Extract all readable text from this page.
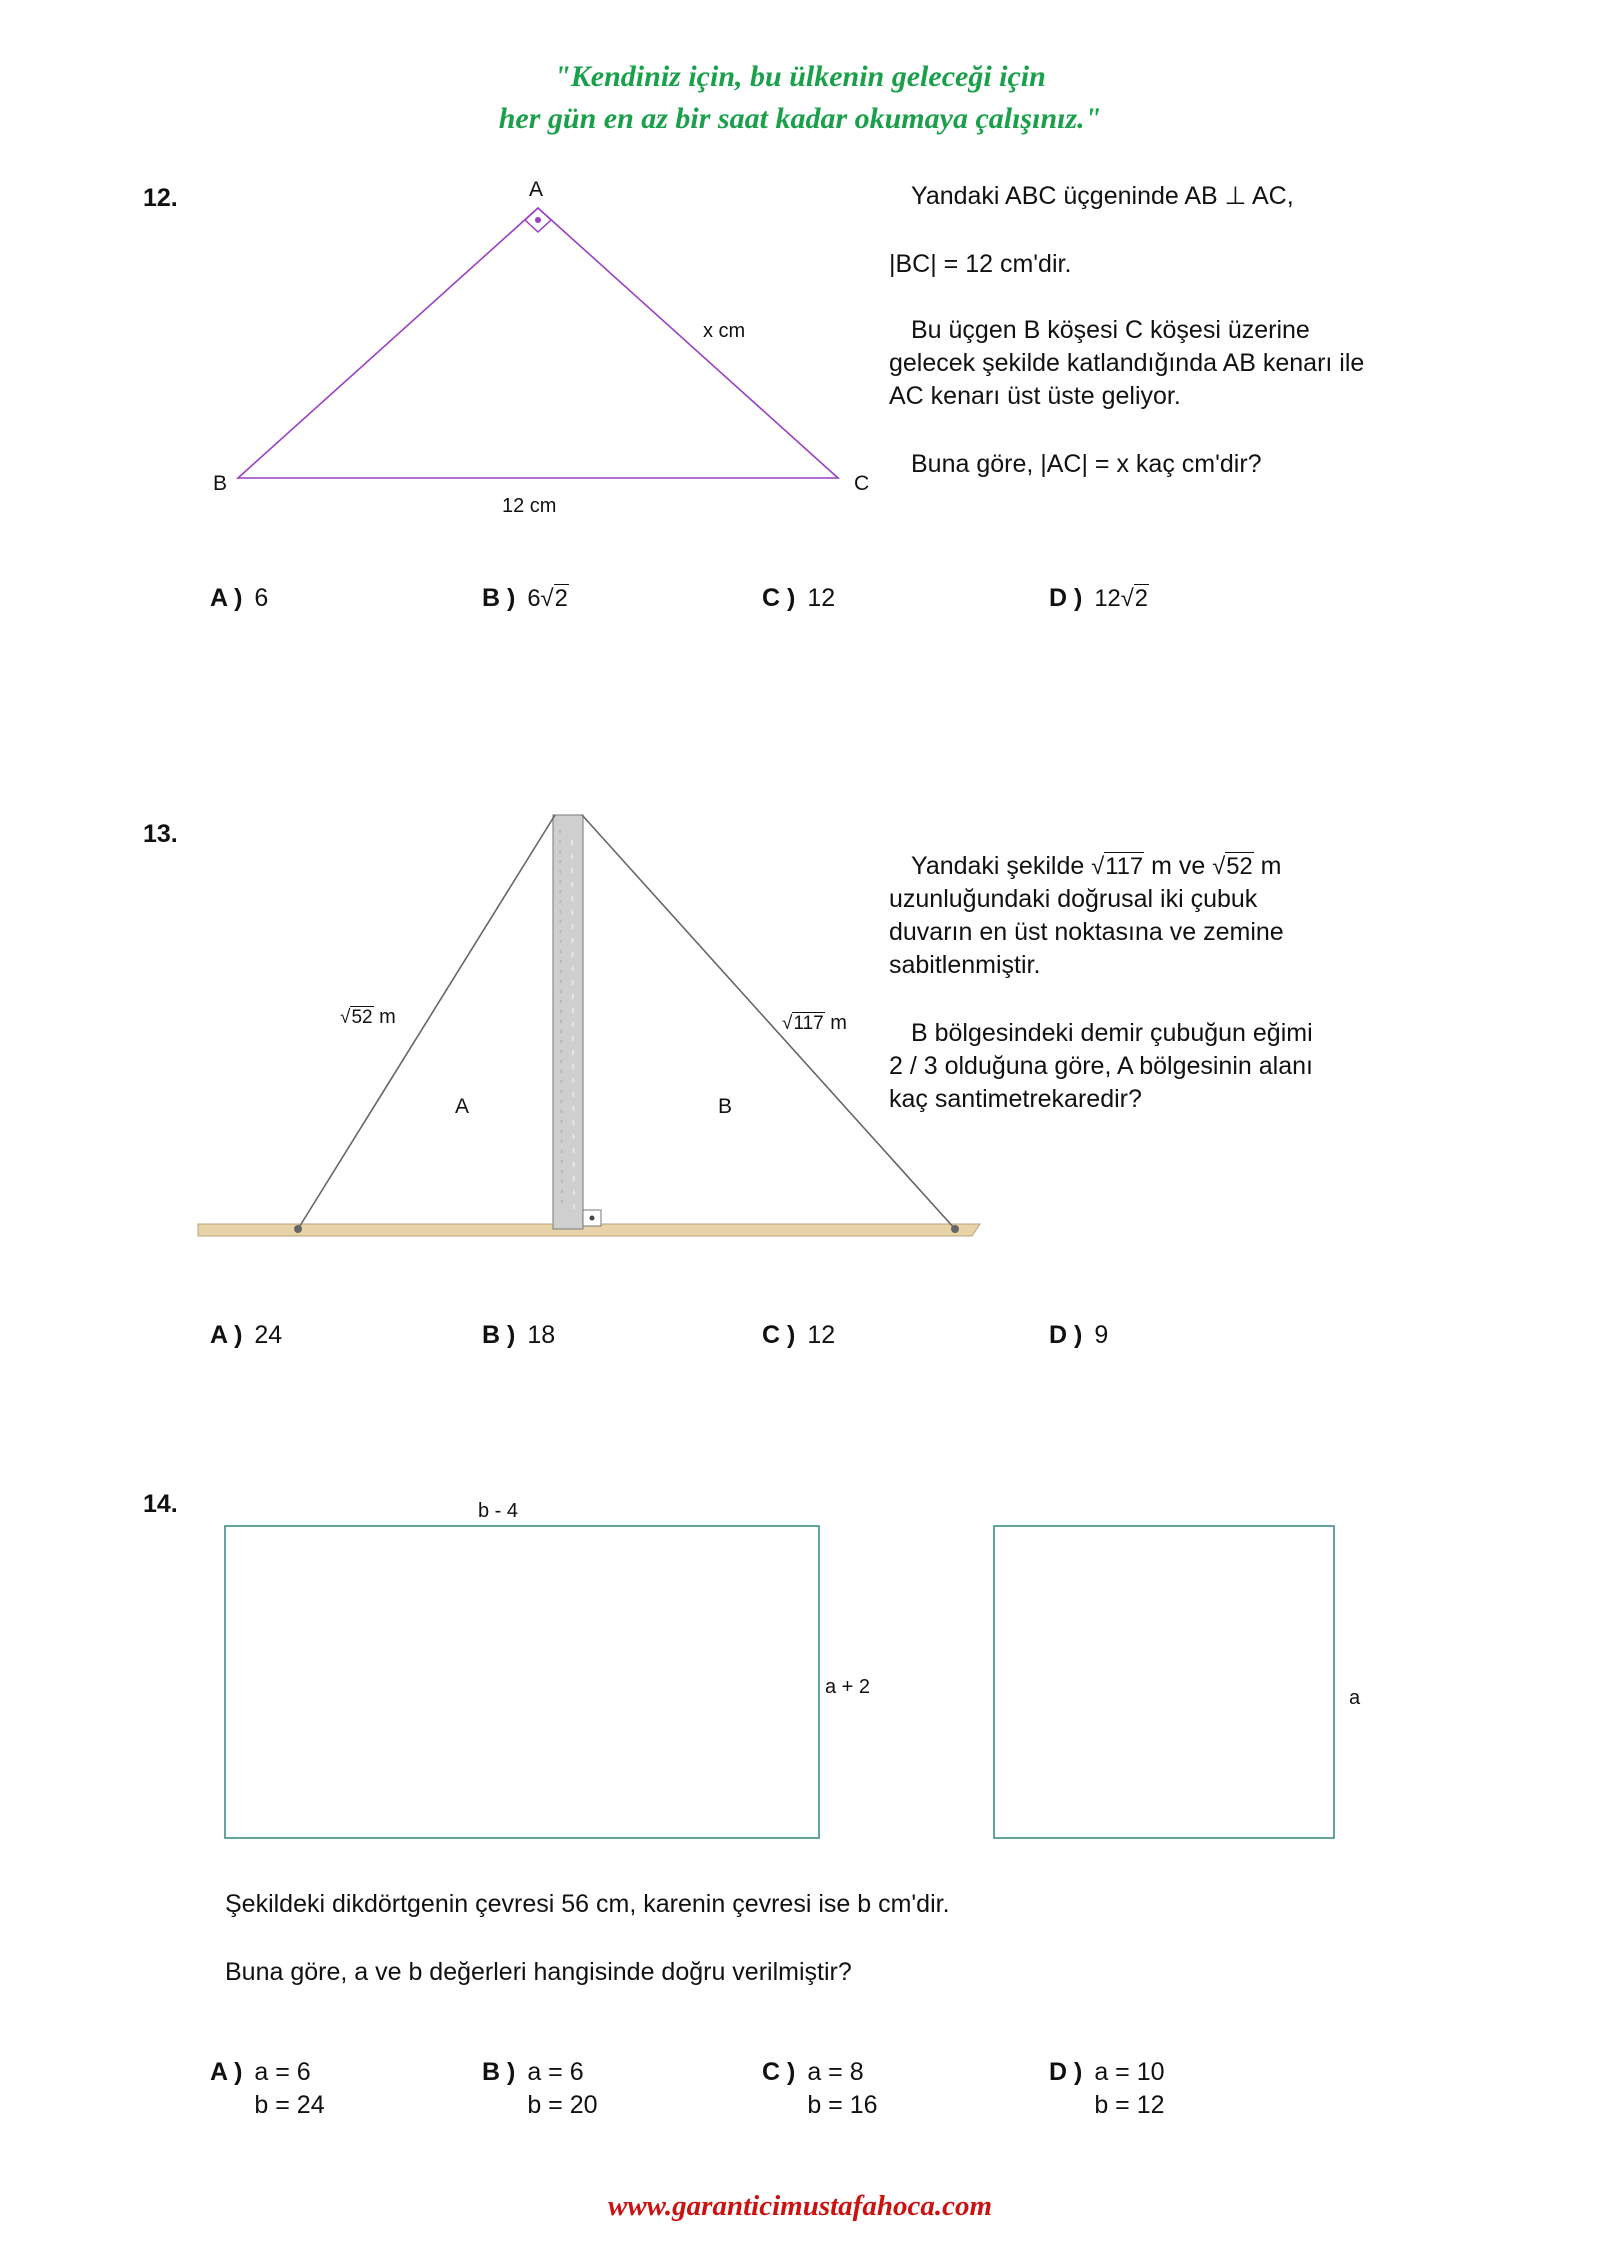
"Kendiniz için, bu ülkenin geleceği için
her gün en az bir saat kadar okumaya çalışınız."
12.	A
B	C
x cm
12 cm
Yandaki ABC üçgeninde AB ⊥ AC,
|BC| = 12 cm'dir.
Bu üçgen B köşesi C köşesi üzerine
gelecek şekilde katlandığında AB kenarı ile
AC kenarı üst üste geliyor.
Buna göre, |AC| = x kaç cm'dir?
A ) 6	B ) 6√2	C ) 12	D ) 12√2
13.
√52 m	√117 m
A	B
Yandaki şekilde √117 m ve √52 m
uzunluğundaki doğrusal iki çubuk
duvarın en üst noktasına ve zemine
sabitlenmiştir.
B bölgesindeki demir çubuğun eğimi
2 / 3 olduğuna göre, A bölgesinin alanı
kaç santimetrekaredir?
A ) 24	B ) 18	C ) 12	D ) 9
14.	b - 4
a + 2	a
Şekildeki dikdörtgenin çevresi 56 cm, karenin çevresi ise b cm'dir.
Buna göre, a ve b değerleri hangisinde doğru verilmiştir?
A ) a = 6
b = 24
B ) a = 6
b = 20
C ) a = 8
b = 16
D ) a = 10
b = 12
www.garanticimustafahoca.com
